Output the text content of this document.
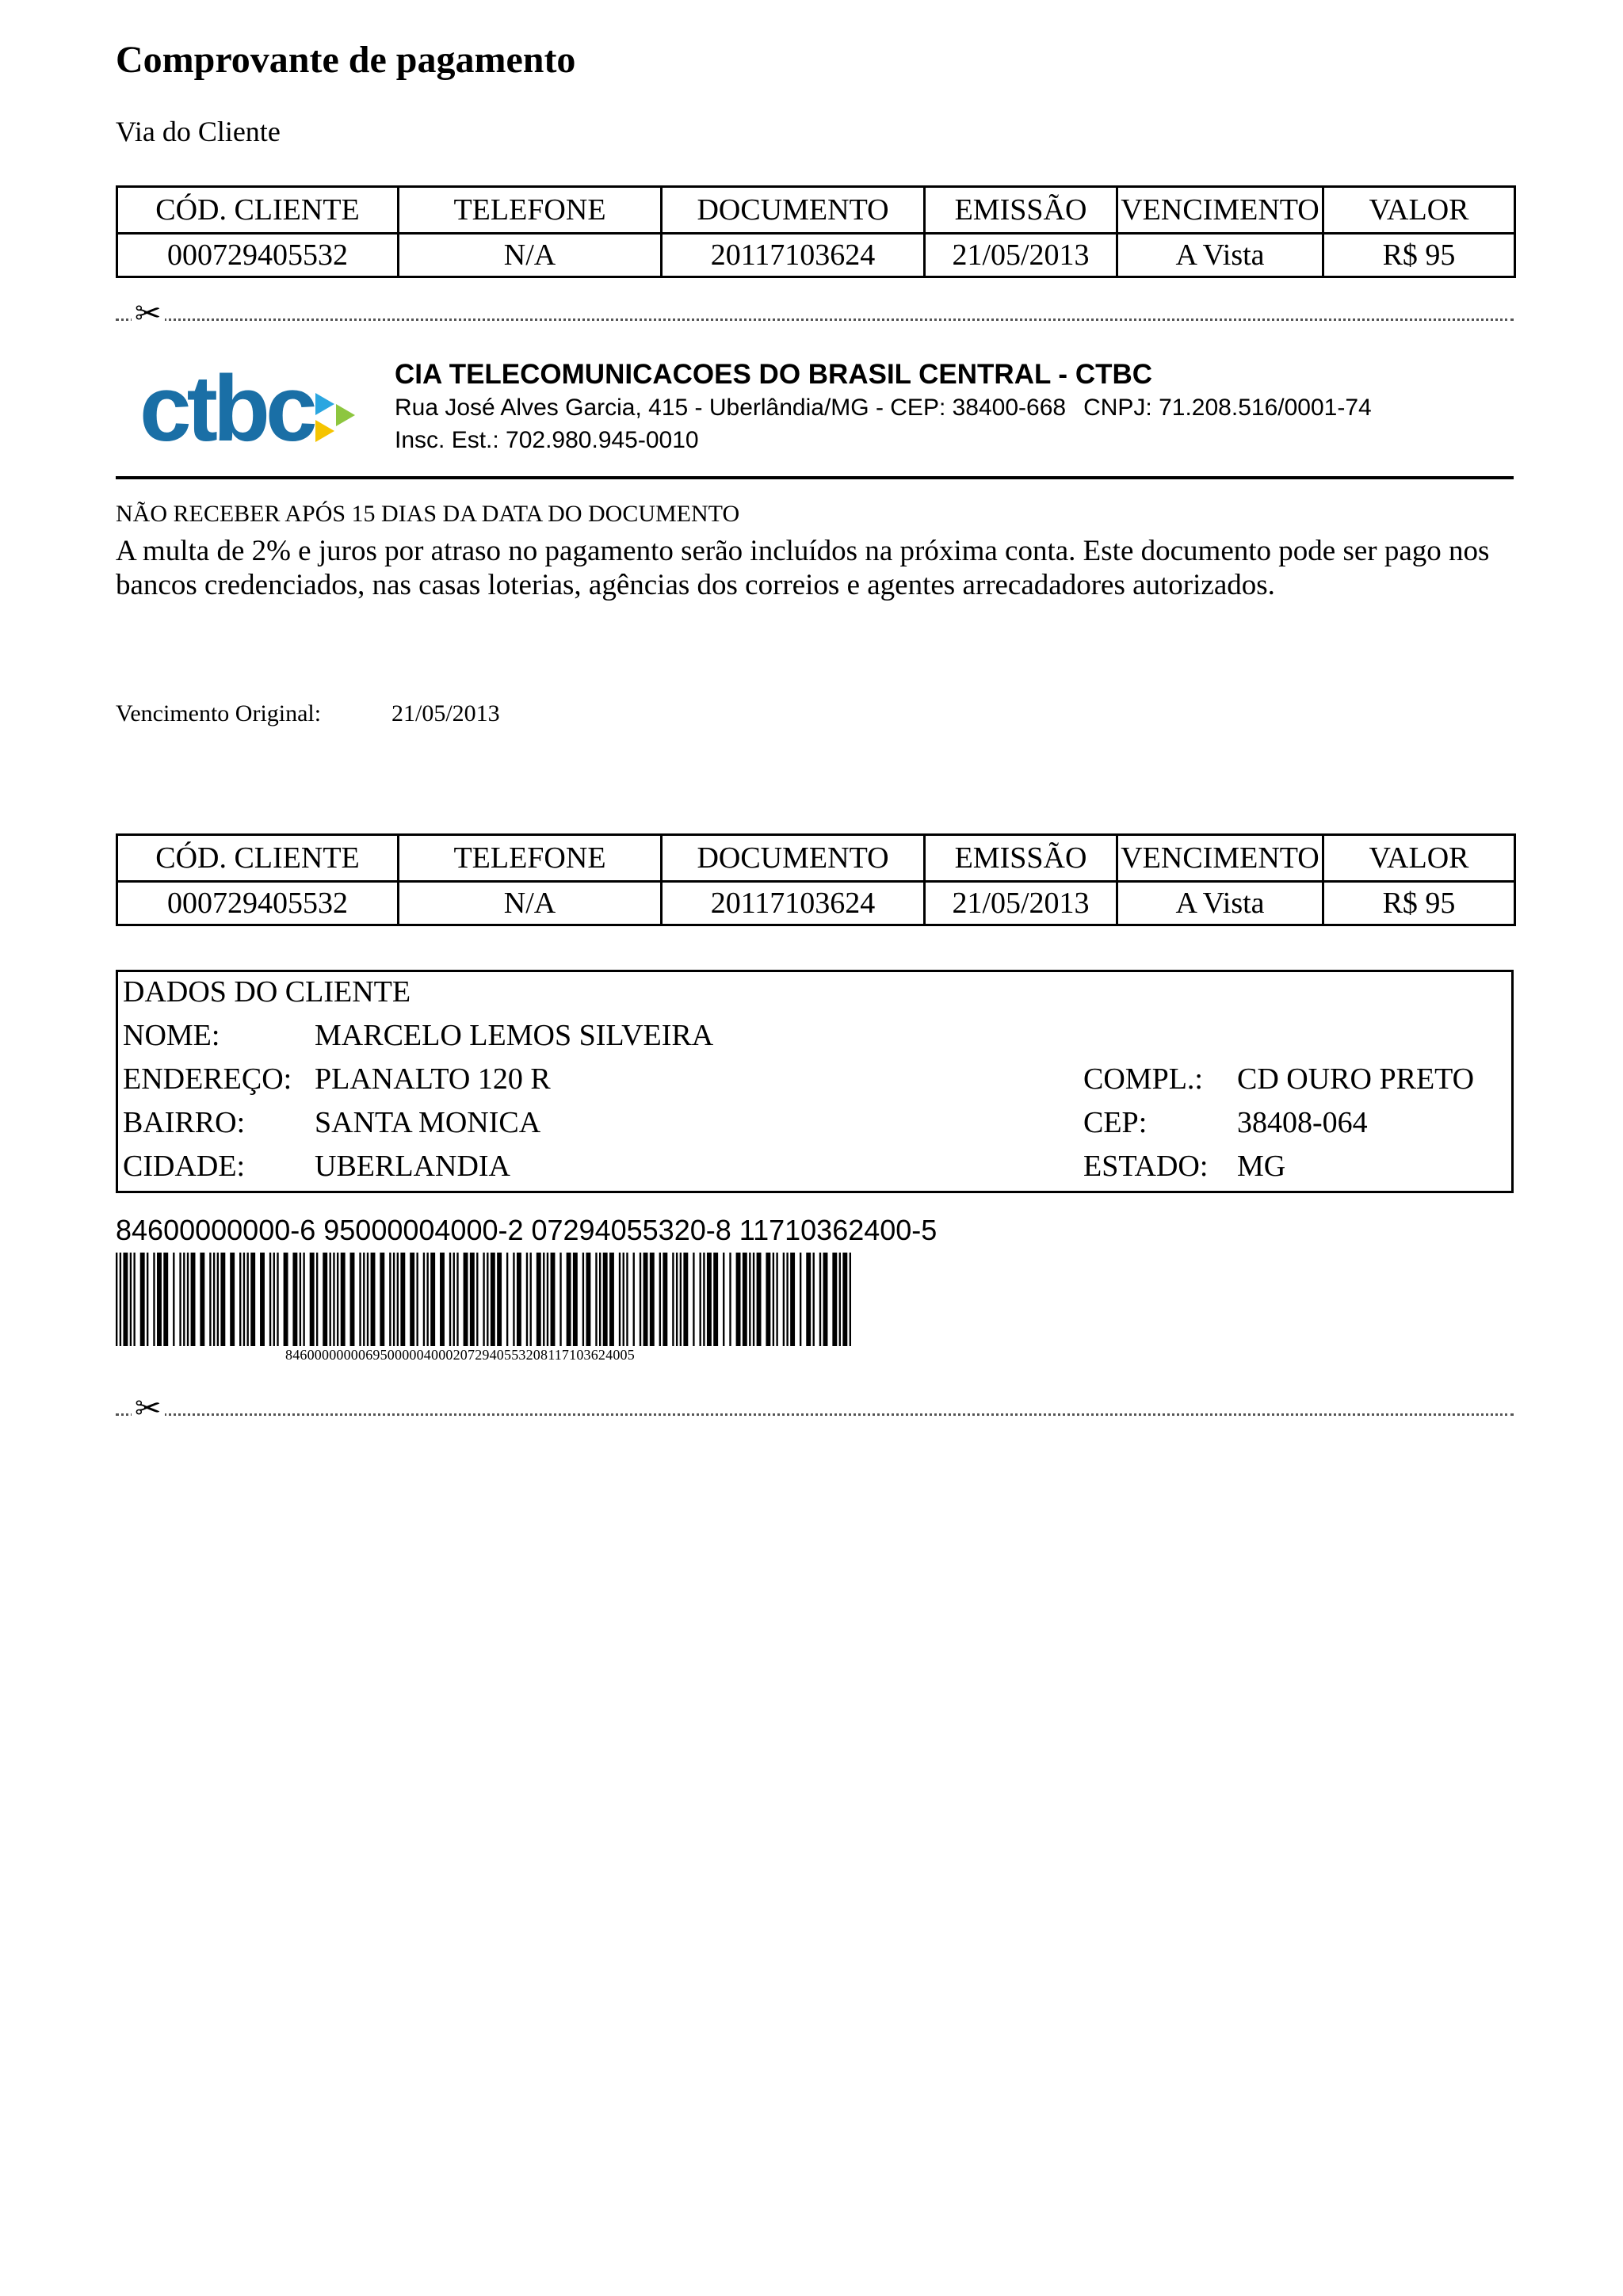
Comprovante de pagamento
Via do Cliente
CÓD. CLIENTE	TELEFONE	DOCUMENTO	EMISSÃO	VENCIMENTO	VALOR
000729405532	N/A	20117103624	21/05/2013	A Vista	R$ 95
✂
ctbc	CIA TELECOMUNICACOES DO BRASIL CENTRAL - CTBC
Rua José Alves Garcia, 415 - Uberlândia/MG - CEP: 38400-668 CNPJ: 71.208.516/0001-74
Insc. Est.: 702.980.945-0010
NÃO RECEBER APÓS 15 DIAS DA DATA DO DOCUMENTO
A multa de 2% e juros por atraso no pagamento serão incluídos na próxima conta. Este documento pode ser pago nos bancos credenciados, nas casas loterias, agências dos correios e agentes arrecadadores autorizados.
Vencimento Original:	21/05/2013
CÓD. CLIENTE	TELEFONE	DOCUMENTO	EMISSÃO	VENCIMENTO	VALOR
000729405532	N/A	20117103624	21/05/2013	A Vista	R$ 95
DADOS DO CLIENTE
NOME:	MARCELO LEMOS SILVEIRA
ENDEREÇO: PLANALTO 120 R	COMPL.: CD OURO PRETO
BAIRRO: SANTA MONICA	CEP:	38408-064
CIDADE: UBERLANDIA	ESTADO: MG
84600000000-6 95000004000-2 07294055320-8 11710362400-5
846000000006950000040002072940553208117103624005
✂
